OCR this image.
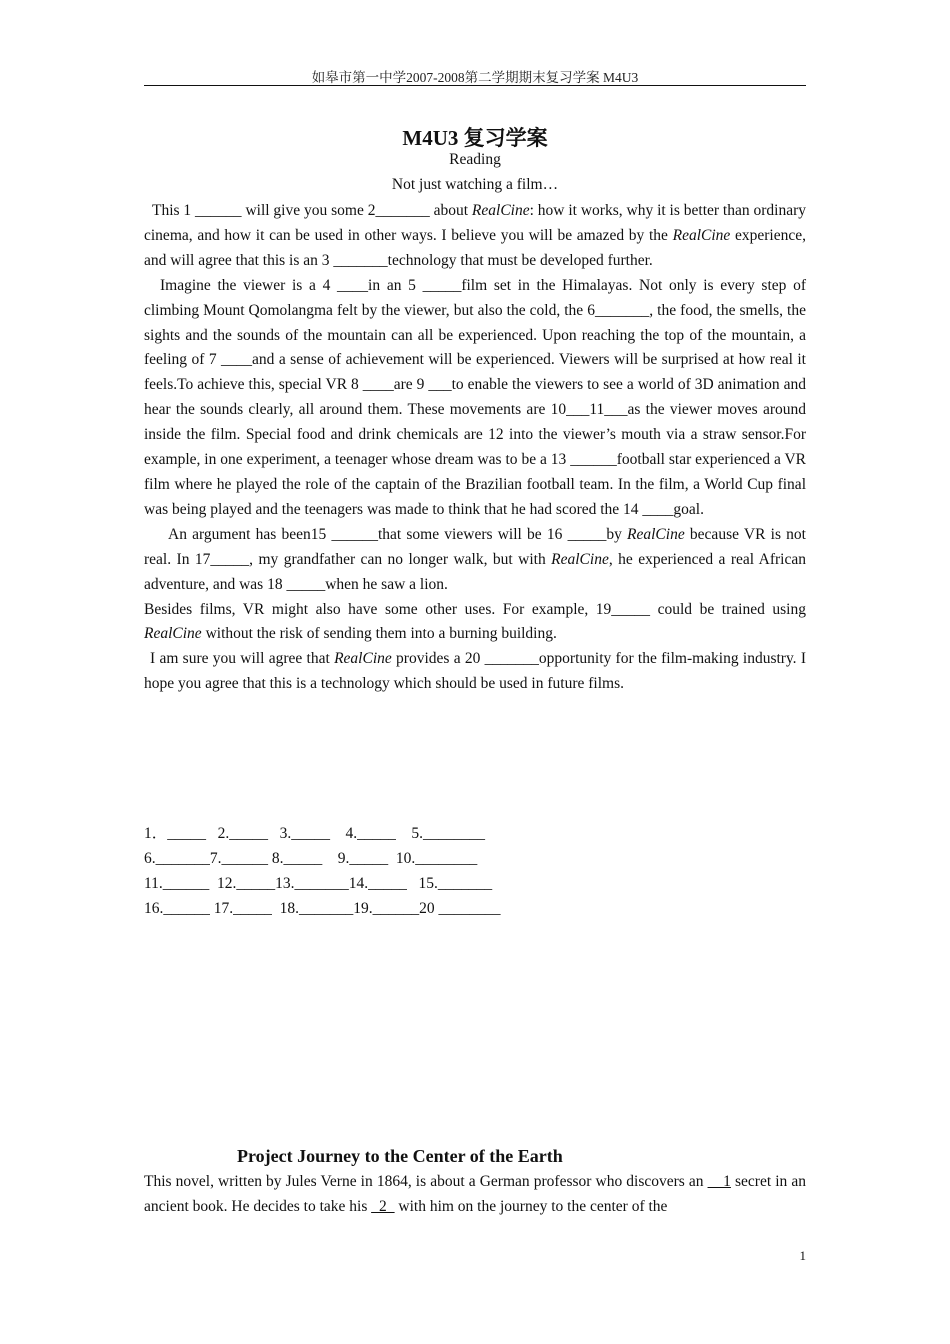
如皋市第一中学2007-2008第二学期期末复习学案 M4U3
M4U3 复习学案
Reading
Not just watching a film…

This 1 ______ will give you some 2_______ about RealCine: how it works, why it is better than ordinary cinema, and how it can be used in other ways. I believe you will be amazed by the RealCine experience, and will agree that this is an 3 _______technology that must be developed further.

Imagine the viewer is a 4 ____in an 5 _____film set in the Himalayas. Not only is every step of climbing Mount Qomolangma felt by the viewer, but also the cold, the 6_______, the food, the smells, the sights and the sounds of the mountain can all be experienced. Upon reaching the top of the mountain, a feeling of 7 ____and a sense of achievement will be experienced. Viewers will be surprised at how real it feels.To achieve this, special VR 8 ____are 9 ___to enable the viewers to see a world of 3D animation and hear the sounds clearly, all around them. These movements are 10___11___as the viewer moves around inside the film. Special food and drink chemicals are 12 into the viewer’s mouth via a straw sensor.For example, in one experiment, a teenager whose dream was to be a 13 ______football star experienced a VR film where he played the role of the captain of the Brazilian football team. In the film, a World Cup final was being played and the teenagers was made to think that he had scored the 14 ____goal.

An argument has been15 ______that some viewers will be 16 _____by RealCine because VR is not real. In 17_____, my grandfather can no longer walk, but with RealCine, he experienced a real African adventure, and was 18 _____when he saw a lion.

Besides films, VR might also have some other uses. For example, 19_____ could be trained using RealCine without the risk of sending them into a burning building.

I am sure you will agree that RealCine provides a 20 _______opportunity for the film-making industry. I hope you agree that this is a technology which should be used in future films.

1．_____   2._____   3._____    4._____    5.________
6._______7.______ 8._____    9._____  10.________
11.______  12._____13._______14._____   15._______
16.______ 17._____  18._______19.______20 ________
Project Journey to the Center of the Earth

This novel, written by Jules Verne in 1864, is about a German professor who discovers an __1 secret in an ancient book. He decides to take his _2_ with him on the journey to the center of the

1
